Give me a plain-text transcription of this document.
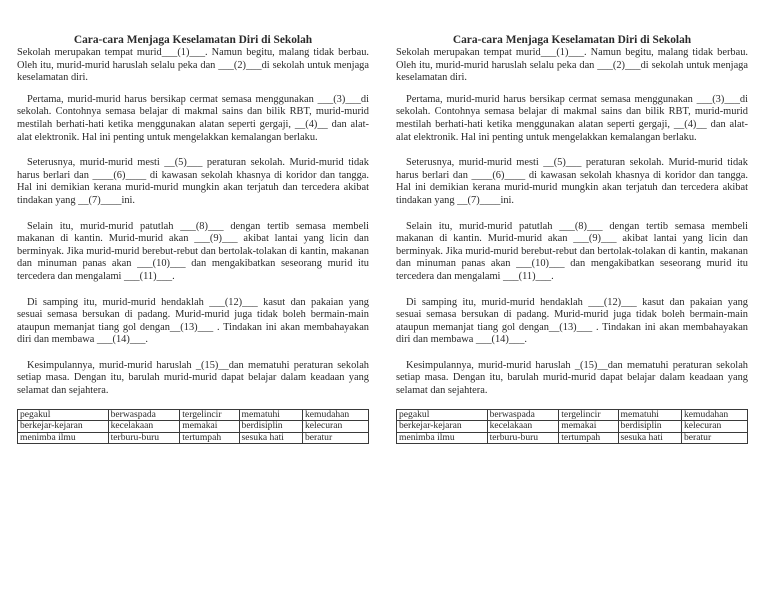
Cara-cara Menjaga Keselamatan Diri di Sekolah

Sekolah merupakan tempat murid___(1)___. Namun begitu, malang tidak berbau. Oleh itu, murid-murid haruslah selalu peka dan ___(2)___di sekolah untuk menjaga keselamatan diri.

Pertama, murid-murid harus bersikap cermat semasa menggunakan ___(3)___di sekolah. Contohnya semasa belajar di makmal sains dan bilik RBT, murid-murid mestilah berhati-hati ketika menggunakan alatan seperti gergaji, __(4)__ dan alat-alat elektronik. Hal ini penting untuk mengelakkan kemalangan berlaku.

Seterusnya, murid-murid mesti __(5)___ peraturan sekolah. Murid-murid tidak harus berlari dan ____(6)____ di kawasan sekolah khasnya di koridor dan tangga. Hal ini demikian kerana murid-murid mungkin akan terjatuh dan tercedera akibat tindakan yang __(7)____ini.

Selain itu, murid-murid patutlah ___(8)___ dengan tertib semasa membeli makanan di kantin. Murid-murid akan ___(9)___ akibat lantai yang licin dan berminyak. Jika murid-murid berebut-rebut dan bertolak-tolakan di kantin, makanan dan minuman panas akan ___(10)___ dan mengakibatkan seseorang murid itu tercedera dan mengalami ___(11)___.

Di samping itu, murid-murid hendaklah ___(12)___ kasut dan pakaian yang sesuai semasa bersukan di padang. Murid-murid juga tidak boleh bermain-main ataupun memanjat tiang gol dengan__(13)___ . Tindakan ini akan membahayakan diri dan membawa ___(14)___.

Kesimpulannya, murid-murid haruslah _(15)__dan mematuhi peraturan sekolah setiap masa. Dengan itu, barulah murid-murid dapat belajar dalam keadaan yang selamat dan sejahtera.

pegakul	berwaspada	tergelincir	mematuhi	kemudahan
berkejar-kejaran	kecelakaan	memakai	berdisiplin	kelecuran
menimba ilmu	terburu-buru	tertumpah	sesuka hati	beratur
Cara-cara Menjaga Keselamatan Diri di Sekolah

Sekolah merupakan tempat murid___(1)___. Namun begitu, malang tidak berbau. Oleh itu, murid-murid haruslah selalu peka dan ___(2)___di sekolah untuk menjaga keselamatan diri.

Pertama, murid-murid harus bersikap cermat semasa menggunakan ___(3)___di sekolah. Contohnya semasa belajar di makmal sains dan bilik RBT, murid-murid mestilah berhati-hati ketika menggunakan alatan seperti gergaji, __(4)__ dan alat-alat elektronik. Hal ini penting untuk mengelakkan kemalangan berlaku.

Seterusnya, murid-murid mesti __(5)___ peraturan sekolah. Murid-murid tidak harus berlari dan ____(6)____ di kawasan sekolah khasnya di koridor dan tangga. Hal ini demikian kerana murid-murid mungkin akan terjatuh dan tercedera akibat tindakan yang __(7)____ini.

Selain itu, murid-murid patutlah ___(8)___ dengan tertib semasa membeli makanan di kantin. Murid-murid akan ___(9)___ akibat lantai yang licin dan berminyak. Jika murid-murid berebut-rebut dan bertolak-tolakan di kantin, makanan dan minuman panas akan ___(10)___ dan mengakibatkan seseorang murid itu tercedera dan mengalami ___(11)___.

Di samping itu, murid-murid hendaklah ___(12)___ kasut dan pakaian yang sesuai semasa bersukan di padang. Murid-murid juga tidak boleh bermain-main ataupun memanjat tiang gol dengan__(13)___ . Tindakan ini akan membahayakan diri dan membawa ___(14)___.

Kesimpulannya, murid-murid haruslah _(15)__dan mematuhi peraturan sekolah setiap masa. Dengan itu, barulah murid-murid dapat belajar dalam keadaan yang selamat dan sejahtera.

pegakul	berwaspada	tergelincir	mematuhi	kemudahan
berkejar-kejaran	kecelakaan	memakai	berdisiplin	kelecuran
menimba ilmu	terburu-buru	tertumpah	sesuka hati	beratur
